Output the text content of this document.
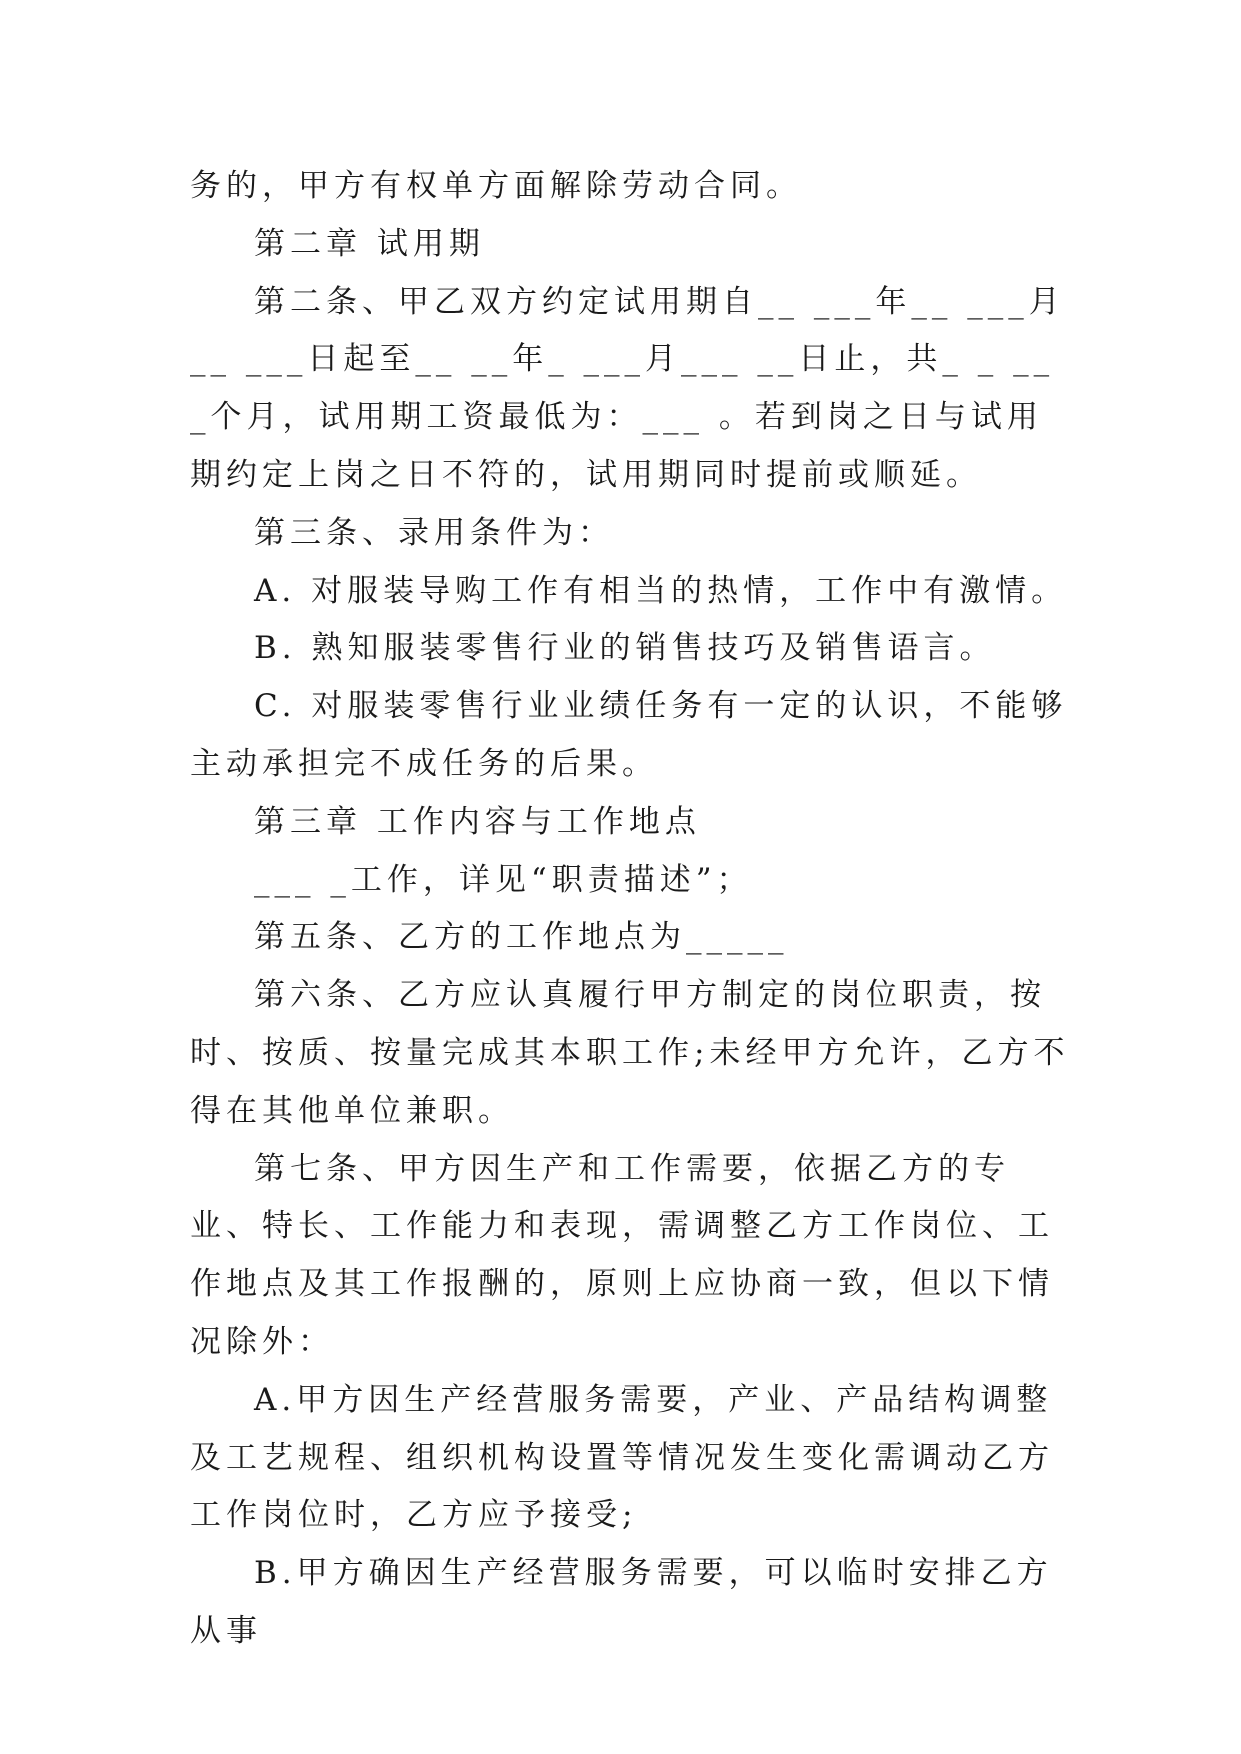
务的，甲方有权单方面解除劳动合同。

第二章 试用期

第二条、甲乙双方约定试用期自__ ___年__ ___月__ ___日起至__ __年_ ___月___ __日止，共_ _ ___个月，试用期工资最低为：___ 。若到岗之日与试用期约定上岗之日不符的，试用期同时提前或顺延。

第三条、录用条件为：

A. 对服装导购工作有相当的热情，工作中有激情。

B. 熟知服装零售行业的销售技巧及销售语言。

C. 对服装零售行业业绩任务有一定的认识，不能够主动承担完不成任务的后果。

第三章 工作内容与工作地点

___ _工作，详见“职责描述”；

第五条、乙方的工作地点为_____

第六条、乙方应认真履行甲方制定的岗位职责，按时、按质、按量完成其本职工作;未经甲方允许，乙方不得在其他单位兼职。

第七条、甲方因生产和工作需要，依据乙方的专业、特长、工作能力和表现，需调整乙方工作岗位、工作地点及其工作报酬的，原则上应协商一致，但以下情况除外：

A.甲方因生产经营服务需要，产业、产品结构调整及工艺规程、组织机构设置等情况发生变化需调动乙方工作岗位时，乙方应予接受;

B.甲方确因生产经营服务需要，可以临时安排乙方从事
